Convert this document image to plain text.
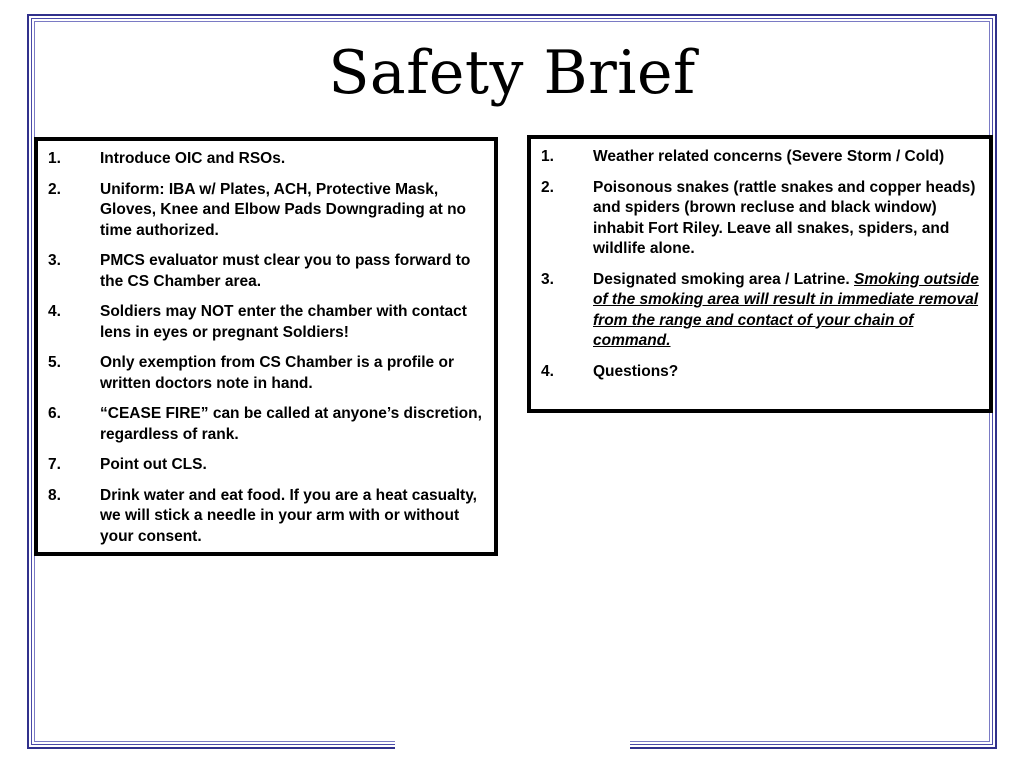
Safety Brief
1.	Introduce OIC and RSOs.
2.	Uniform: IBA w/ Plates, ACH, Protective Mask, Gloves, Knee and Elbow Pads Downgrading at no time authorized.
3.	PMCS evaluator must clear you to pass forward to the CS Chamber area.
4.	Soldiers may NOT enter the chamber with contact lens in eyes or pregnant Soldiers!
5.	Only exemption from CS Chamber is a profile or written doctors note in hand.
6.	“CEASE FIRE” can be called at anyone’s discretion, regardless of rank.
7.	Point out CLS.
8.	Drink water and eat food. If you are a heat casualty, we will stick a needle in your arm with or without your consent.
1.	Weather related concerns (Severe Storm / Cold)
2.	Poisonous snakes (rattle snakes and copper heads) and spiders (brown recluse and black window) inhabit Fort Riley. Leave all snakes, spiders, and wildlife alone.
3.	Designated smoking area / Latrine. Smoking outside of the smoking area will result in immediate removal from the range and contact of your chain of command.
4.	Questions?
